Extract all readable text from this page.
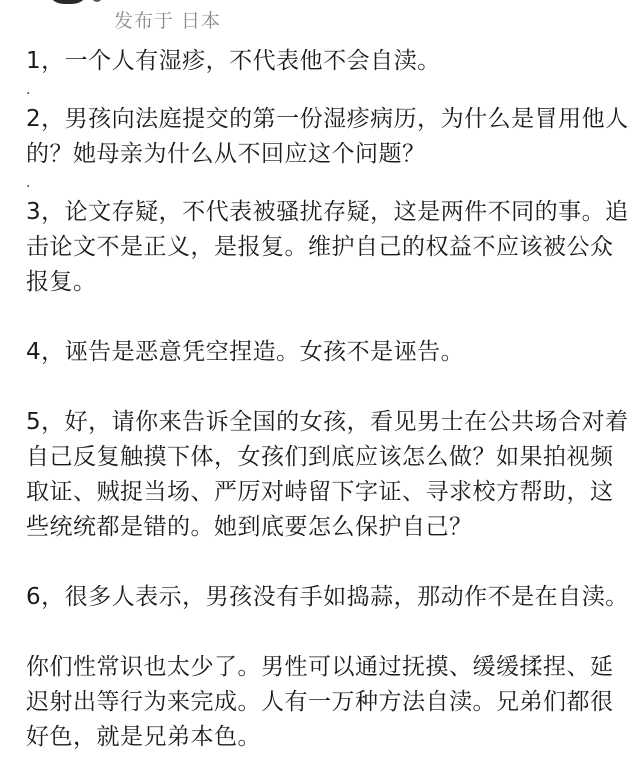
发布于 日本

1，一个人有湿疹，不代表他不会自渎。

.

2，男孩向法庭提交的第一份湿疹病历，为什么是冒用他人的？她母亲为什么从不回应这个问题？

.

3，论文存疑，不代表被骚扰存疑，这是两件不同的事。追击论文不是正义，是报复。维护自己的权益不应该被公众报复。

4，诬告是恶意凭空捏造。女孩不是诬告。

5，好，请你来告诉全国的女孩，看见男士在公共场合对着自己反复触摸下体，女孩们到底应该怎么做？如果拍视频取证、贼捉当场、严厉对峙留下字证、寻求校方帮助，这些统统都是错的。她到底要怎么保护自己？

6，很多人表示，男孩没有手如捣蒜，那动作不是在自渎。

你们性常识也太少了。男性可以通过抚摸、缓缓揉捏、延迟射出等行为来完成。人有一万种方法自渎。兄弟们都很好色，就是兄弟本色。
